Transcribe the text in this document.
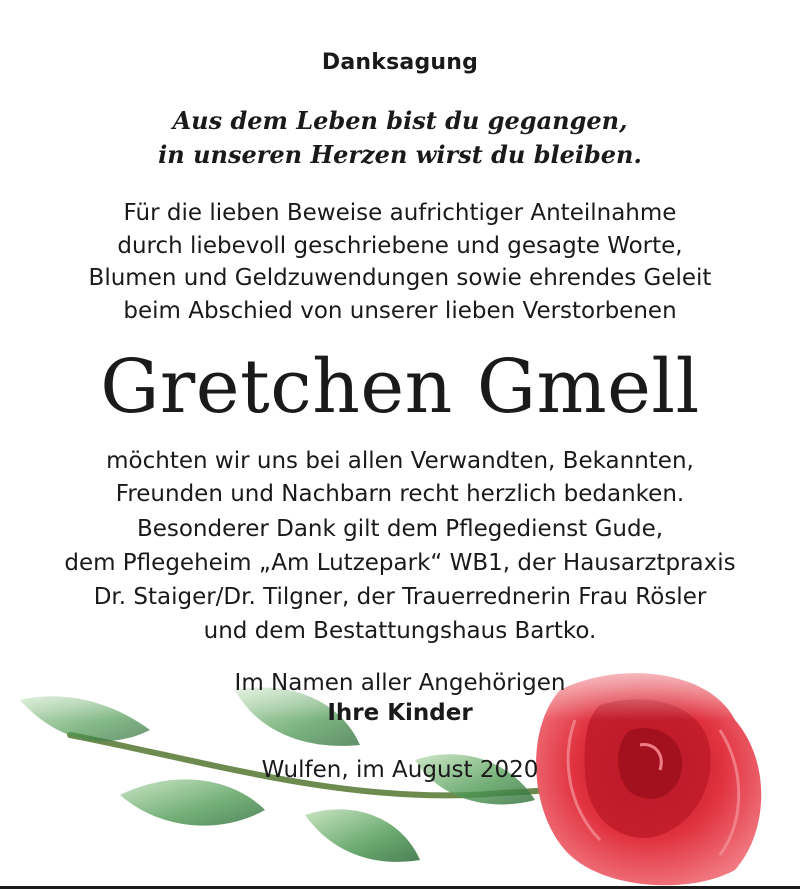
Danksagung
Aus dem Leben bist du gegangen,
in unseren Herzen wirst du bleiben.
Für die lieben Beweise aufrichtiger Anteilnahme
durch liebevoll geschriebene und gesagte Worte,
Blumen und Geldzuwendungen sowie ehrendes Geleit
beim Abschied von unserer lieben Verstorbenen
Gretchen Gmell
möchten wir uns bei allen Verwandten, Bekannten,
Freunden und Nachbarn recht herzlich bedanken.
Besonderer Dank gilt dem Pflegedienst Gude,
dem Pflegeheim „Am Lutzepark“ WB1, der Hausarztpraxis
Dr. Staiger/Dr. Tilgner, der Trauerrednerin Frau Rösler
und dem Bestattungshaus Bartko.
Im Namen aller Angehörigen
Ihre Kinder
Wulfen, im August 2020
